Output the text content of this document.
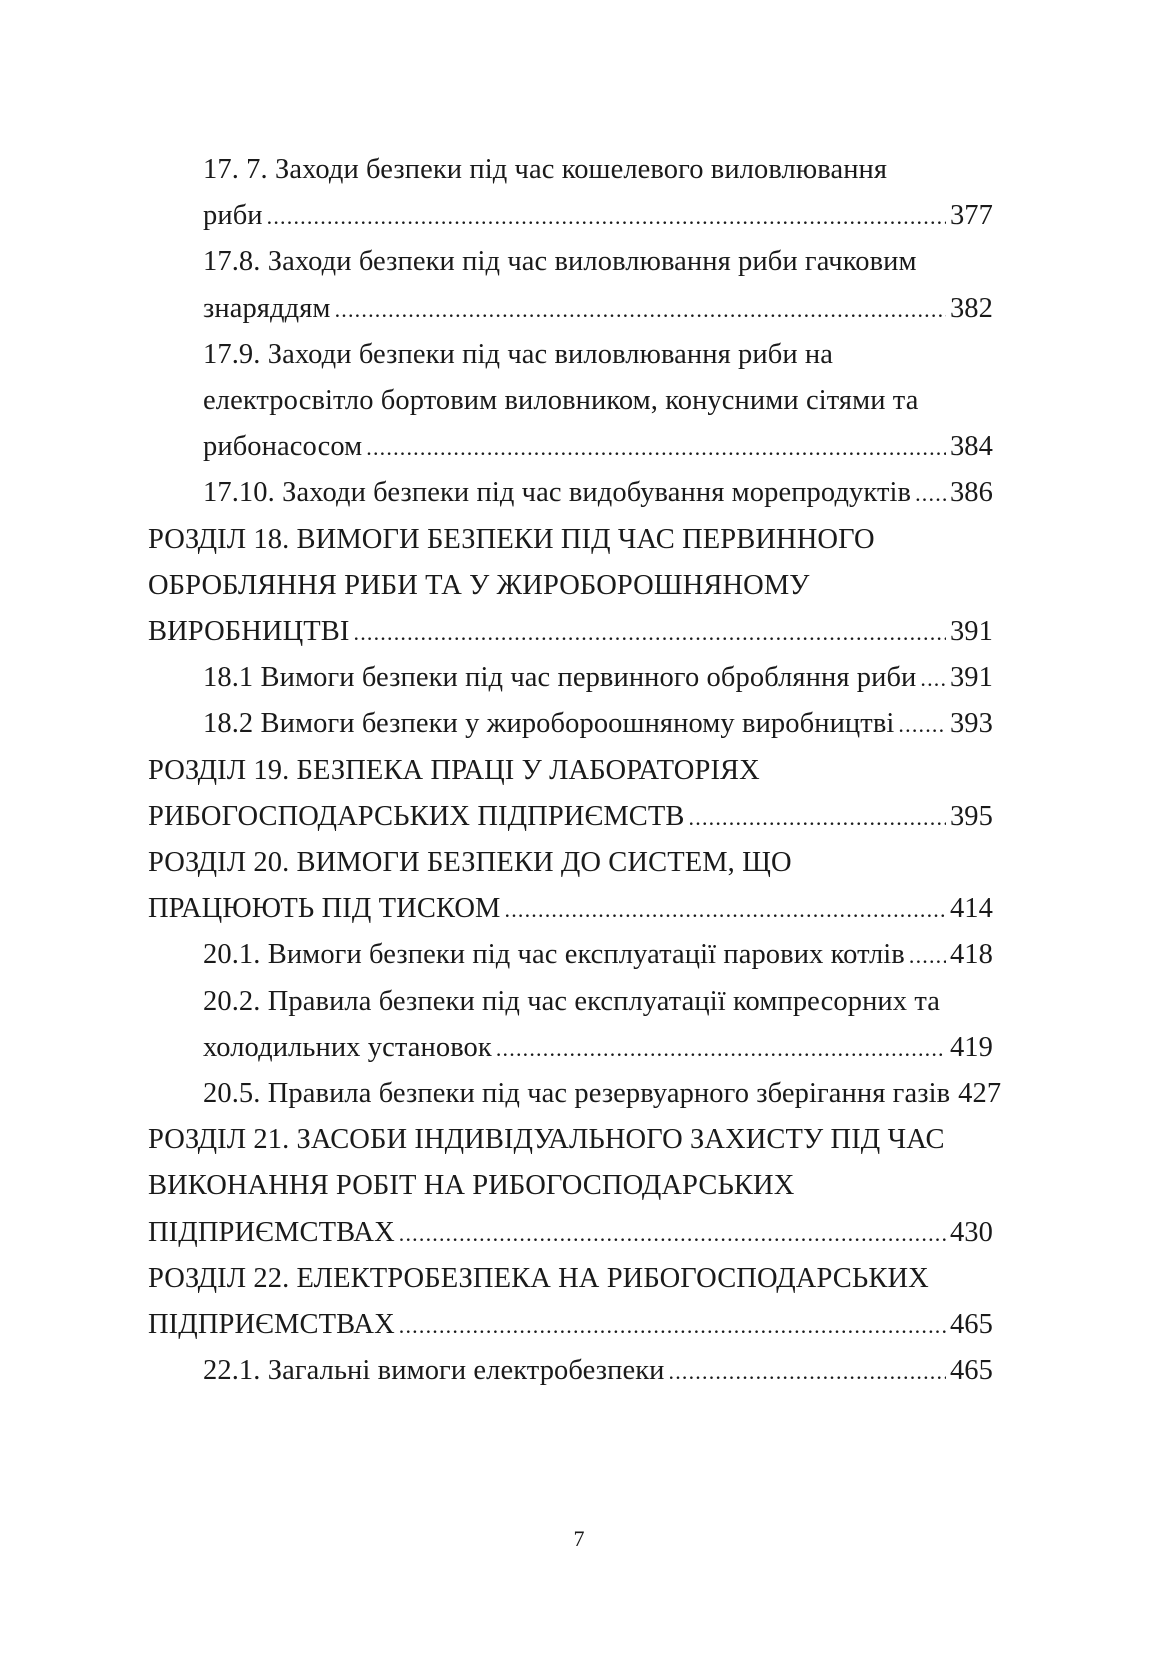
17. 7. Заходи безпеки під час кошелевого виловлювання
риби .....	377
17.8. Заходи безпеки під час виловлювання риби гачковим
знаряддям .....	382
17.9. Заходи безпеки під час виловлювання риби на
електросвітло бортовим виловником, конусними сітями та
рибонасосом .....	384
17.10. Заходи безпеки під час видобування морепродуктів ..... 386
РОЗДІЛ 18. ВИМОГИ БЕЗПЕКИ ПІД ЧАС ПЕРВИННОГО
ОБРОБЛЯННЯ РИБИ ТА У ЖИРОБОРОШНЯНОМУ
ВИРОБНИЦТВІ .....	391
18.1 Вимоги безпеки під час первинного обробляння риби ..... 391
18.2 Вимоги безпеки у жиробороошняному виробництві ..... 393
РОЗДІЛ 19. БЕЗПЕКА ПРАЦІ У ЛАБОРАТОРІЯХ
РИБОГОСПОДАРСЬКИХ ПІДПРИЄМСТВ .....	395
РОЗДІЛ 20. ВИМОГИ БЕЗПЕКИ ДО СИСТЕМ, ЩО
ПРАЦЮЮТЬ ПІД ТИСКОМ .....	414
20.1. Вимоги безпеки під час експлуатації парових котлів ..... 418
20.2. Правила безпеки під час експлуатації компресорних та
холодильних установок .....	419
20.5. Правила безпеки під час резервуарного зберігання газів 427
РОЗДІЛ 21. ЗАСОБИ ІНДИВІДУАЛЬНОГО ЗАХИСТУ ПІД ЧАС
ВИКОНАННЯ РОБІТ НА РИБОГОСПОДАРСЬКИХ
ПІДПРИЄМСТВАХ .....	430
РОЗДІЛ 22. ЕЛЕКТРОБЕЗПЕКА НА РИБОГОСПОДАРСЬКИХ
ПІДПРИЄМСТВАХ .....	465
22.1. Загальні вимоги електробезпеки .....	465
7
